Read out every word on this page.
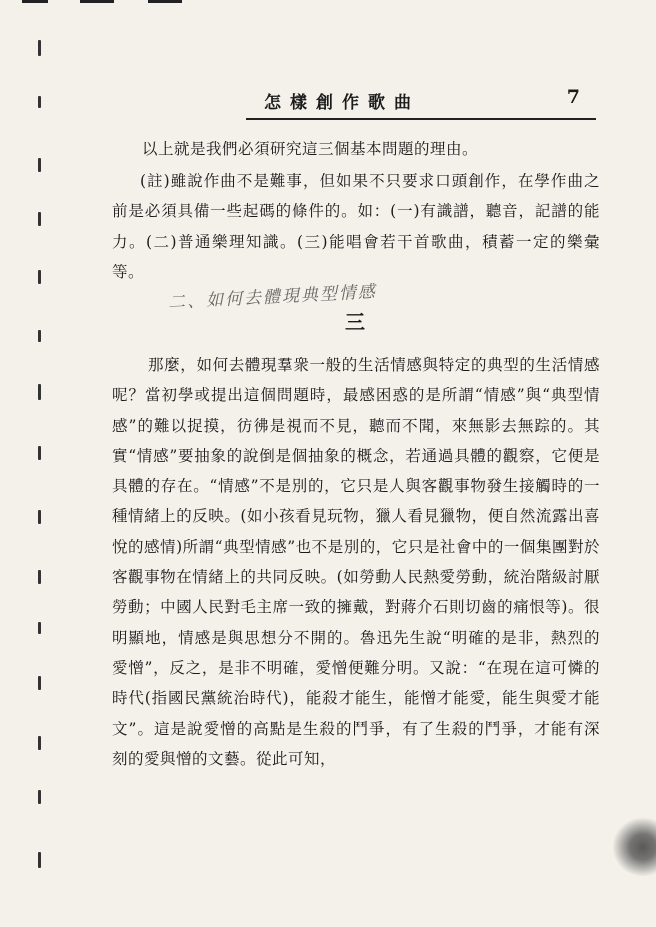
怎樣創作歌曲	7
以上就是我們必須研究這三個基本問題的理由。
(註)雖說作曲不是難事，但如果不只要求口頭創作，在學作曲之前是必須具備一些起碼的條件的。如：(一)有識譜，聽音，記譜的能力。(二)普通樂理知識。(三)能唱會若干首歌曲，積蓄一定的樂彙等。
二、如何去體現典型情感
三
那麼，如何去體現羣衆一般的生活情感與特定的典型的生活情感呢？當初學或提出這個問題時，最感困惑的是所謂“情感”與“典型情感”的難以捉摸，彷彿是視而不見，聽而不聞，來無影去無踪的。其實“情感”要抽象的說倒是個抽象的概念，若通過具體的觀察，它便是具體的存在。“情感”不是別的，它只是人與客觀事物發生接觸時的一種情緒上的反映。(如小孩看見玩物，獵人看見獵物，便自然流露出喜悅的感情)所謂“典型情感”也不是別的，它只是社會中的一個集團對於客觀事物在情緒上的共同反映。(如勞動人民熱愛勞動，統治階級討厭勞動；中國人民對毛主席一致的擁戴，對蔣介石則切齒的痛恨等)。很明顯地，情感是與思想分不開的。魯迅先生說“明確的是非，熱烈的愛憎”，反之，是非不明確，愛憎便難分明。又說：“在現在這可憐的時代(指國民黨統治時代)，能殺才能生，能憎才能愛，能生與愛才能文”。這是說愛憎的高點是生殺的鬥爭，有了生殺的鬥爭，才能有深刻的愛與憎的文藝。從此可知，
